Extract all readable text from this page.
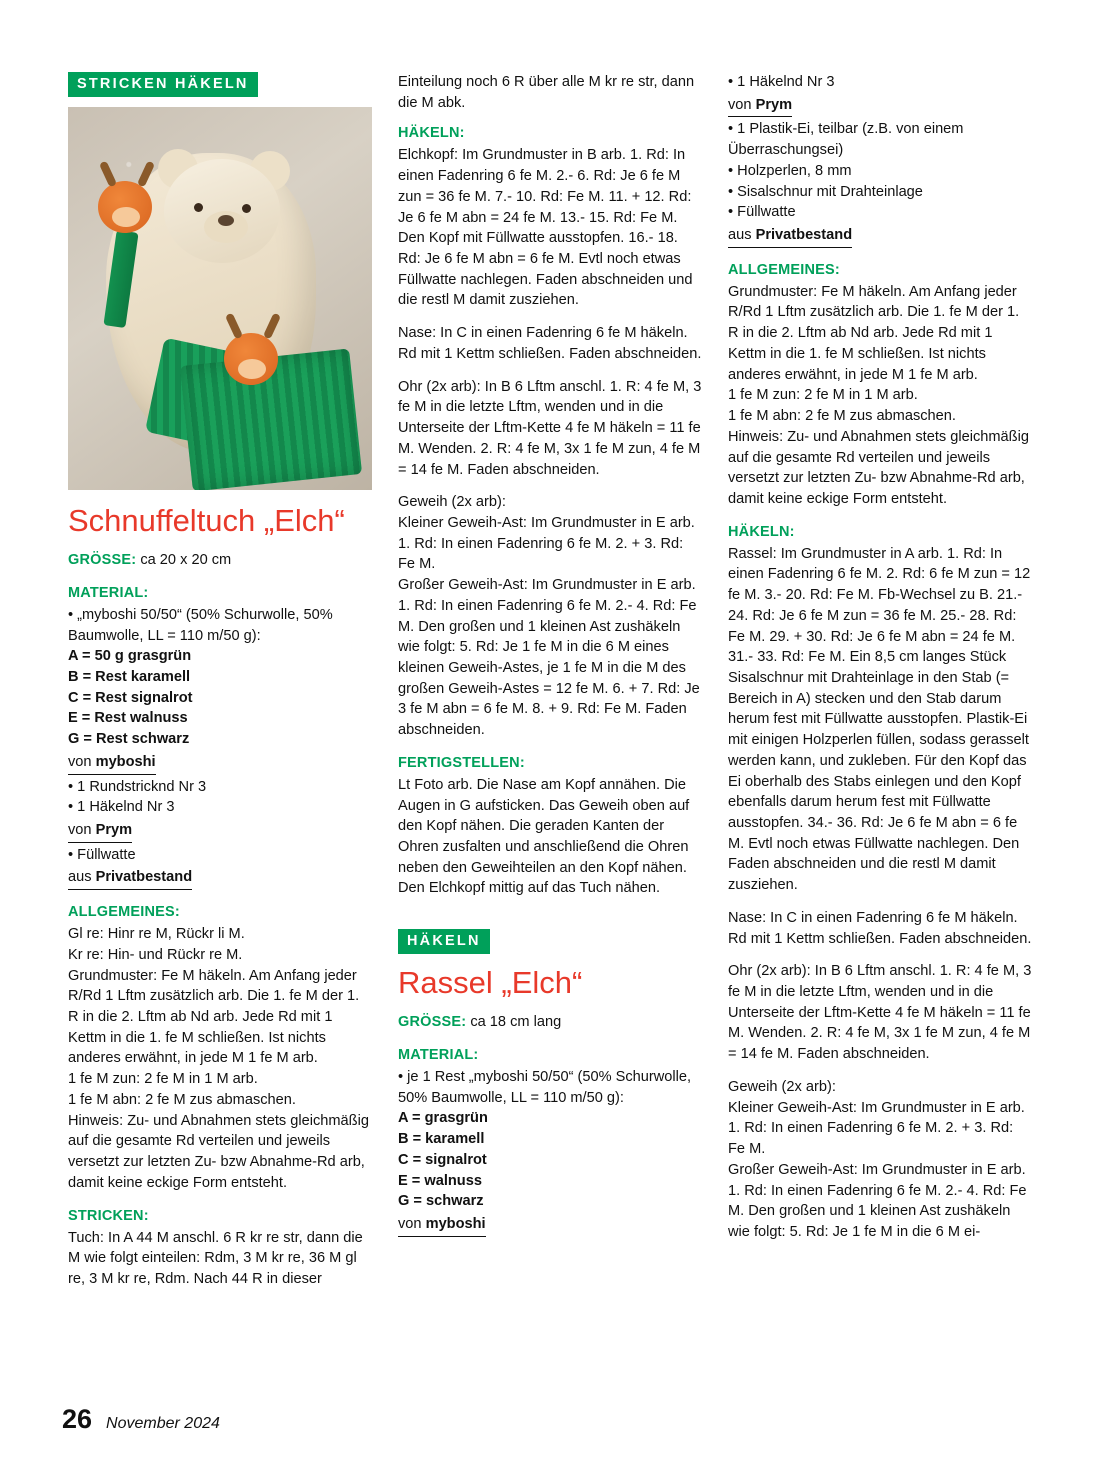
STRICKEN HÄKELN
Schnuffeltuch „Elch“
GRÖSSE: ca 20 x 20 cm
MATERIAL:
• „myboshi 50/50“ (50% Schurwolle, 50% Baumwolle, LL = 110 m/50 g):
A = 50 g grasgrün
B = Rest karamell
C = Rest signalrot
E = Rest walnuss
G = Rest schwarz
von myboshi
• 1 Rundstricknd Nr 3
• 1 Häkelnd Nr 3
von Prym
• Füllwatte
aus Privatbestand
ALLGEMEINES:
Gl re: Hinr re M, Rückr li M.
Kr re: Hin- und Rückr re M.
Grundmuster: Fe M häkeln. Am Anfang jeder R/Rd 1 Lftm zusätzlich arb. Die 1. fe M der 1. R in die 2. Lftm ab Nd arb. Jede Rd mit 1 Kettm in die 1. fe M schließen. Ist nichts anderes erwähnt, in jede M 1 fe M arb.
1 fe M zun: 2 fe M in 1 M arb.
1 fe M abn: 2 fe M zus abmaschen.
Hinweis: Zu- und Abnahmen stets gleichmäßig auf die gesamte Rd verteilen und jeweils versetzt zur letzten Zu- bzw Abnahme-Rd arb, damit keine eckige Form entsteht.
STRICKEN:
Tuch: In A 44 M anschl. 6 R kr re str, dann die M wie folgt einteilen: Rdm, 3 M kr re, 36 M gl re, 3 M kr re, Rdm. Nach 44 R in dieser
Einteilung noch 6 R über alle M kr re str, dann die M abk.
HÄKELN:
Elchkopf: Im Grundmuster in B arb. 1. Rd: In einen Fadenring 6 fe M. 2.- 6. Rd: Je 6 fe M zun = 36 fe M. 7.- 10. Rd: Fe M. 11. + 12. Rd: Je 6 fe M abn = 24 fe M. 13.- 15. Rd: Fe M. Den Kopf mit Füllwatte ausstopfen. 16.- 18. Rd: Je 6 fe M abn = 6 fe M. Evtl noch etwas Füllwatte nachlegen. Faden abschneiden und die restl M damit zusziehen.
Nase: In C in einen Fadenring 6 fe M häkeln. Rd mit 1 Kettm schließen. Faden abschneiden.
Ohr (2x arb): In B 6 Lftm anschl. 1. R: 4 fe M, 3 fe M in die letzte Lftm, wenden und in die Unterseite der Lftm-Kette 4 fe M häkeln = 11 fe M. Wenden. 2. R: 4 fe M, 3x 1 fe M zun, 4 fe M = 14 fe M. Faden abschneiden.
Geweih (2x arb):
Kleiner Geweih-Ast: Im Grundmuster in E arb. 1. Rd: In einen Fadenring 6 fe M. 2. + 3. Rd: Fe M.
Großer Geweih-Ast: Im Grundmuster in E arb. 1. Rd: In einen Fadenring 6 fe M. 2.- 4. Rd: Fe M. Den großen und 1 kleinen Ast zushäkeln wie folgt: 5. Rd: Je 1 fe M in die 6 M eines kleinen Geweih-Astes, je 1 fe M in die M des großen Geweih-Astes = 12 fe M. 6. + 7. Rd: Je 3 fe M abn = 6 fe M. 8. + 9. Rd: Fe M. Faden abschneiden.
FERTIGSTELLEN:
Lt Foto arb. Die Nase am Kopf annähen. Die Augen in G aufsticken. Das Geweih oben auf den Kopf nähen. Die geraden Kanten der Ohren zusfalten und anschließend die Ohren neben den Geweihteilen an den Kopf nähen. Den Elchkopf mittig auf das Tuch nähen.
HÄKELN
Rassel „Elch“
GRÖSSE: ca 18 cm lang
MATERIAL:
• je 1 Rest „myboshi 50/50“ (50% Schurwolle, 50% Baumwolle, LL = 110 m/50 g):
A = grasgrün
B = karamell
C = signalrot
E = walnuss
G = schwarz
von myboshi
• 1 Häkelnd Nr 3
von Prym
• 1 Plastik-Ei, teilbar (z.B. von einem Überraschungsei)
• Holzperlen, 8 mm
• Sisalschnur mit Drahteinlage
• Füllwatte
aus Privatbestand
ALLGEMEINES:
Grundmuster: Fe M häkeln. Am Anfang jeder R/Rd 1 Lftm zusätzlich arb. Die 1. fe M der 1. R in die 2. Lftm ab Nd arb. Jede Rd mit 1 Kettm in die 1. fe M schließen. Ist nichts anderes erwähnt, in jede M 1 fe M arb.
1 fe M zun: 2 fe M in 1 M arb.
1 fe M abn: 2 fe M zus abmaschen.
Hinweis: Zu- und Abnahmen stets gleichmäßig auf die gesamte Rd verteilen und jeweils versetzt zur letzten Zu- bzw Abnahme-Rd arb, damit keine eckige Form entsteht.
HÄKELN:
Rassel: Im Grundmuster in A arb. 1. Rd: In einen Fadenring 6 fe M. 2. Rd: 6 fe M zun = 12 fe M. 3.- 20. Rd: Fe M. Fb-Wechsel zu B. 21.- 24. Rd: Je 6 fe M zun = 36 fe M. 25.- 28. Rd: Fe M. 29. + 30. Rd: Je 6 fe M abn = 24 fe M. 31.- 33. Rd: Fe M. Ein 8,5 cm langes Stück Sisalschnur mit Drahteinlage in den Stab (= Bereich in A) stecken und den Stab darum herum fest mit Füllwatte ausstopfen. Plastik-Ei mit einigen Holzperlen füllen, sodass gerasselt werden kann, und zukleben. Für den Kopf das Ei oberhalb des Stabs einlegen und den Kopf ebenfalls darum herum fest mit Füllwatte ausstopfen. 34.- 36. Rd: Je 6 fe M abn = 6 fe M. Evtl noch etwas Füllwatte nachlegen. Den Faden abschneiden und die restl M damit zusziehen.
Nase: In C in einen Fadenring 6 fe M häkeln. Rd mit 1 Kettm schließen. Faden abschneiden.
Ohr (2x arb): In B 6 Lftm anschl. 1. R: 4 fe M, 3 fe M in die letzte Lftm, wenden und in die Unterseite der Lftm-Kette 4 fe M häkeln = 11 fe M. Wenden. 2. R: 4 fe M, 3x 1 fe M zun, 4 fe M = 14 fe M. Faden abschneiden.
Geweih (2x arb):
Kleiner Geweih-Ast: Im Grundmuster in E arb. 1. Rd: In einen Fadenring 6 fe M. 2. + 3. Rd: Fe M.
Großer Geweih-Ast: Im Grundmuster in E arb. 1. Rd: In einen Fadenring 6 fe M. 2.- 4. Rd: Fe M. Den großen und 1 kleinen Ast zushäkeln wie folgt: 5. Rd: Je 1 fe M in die 6 M ei-
26 November 2024
